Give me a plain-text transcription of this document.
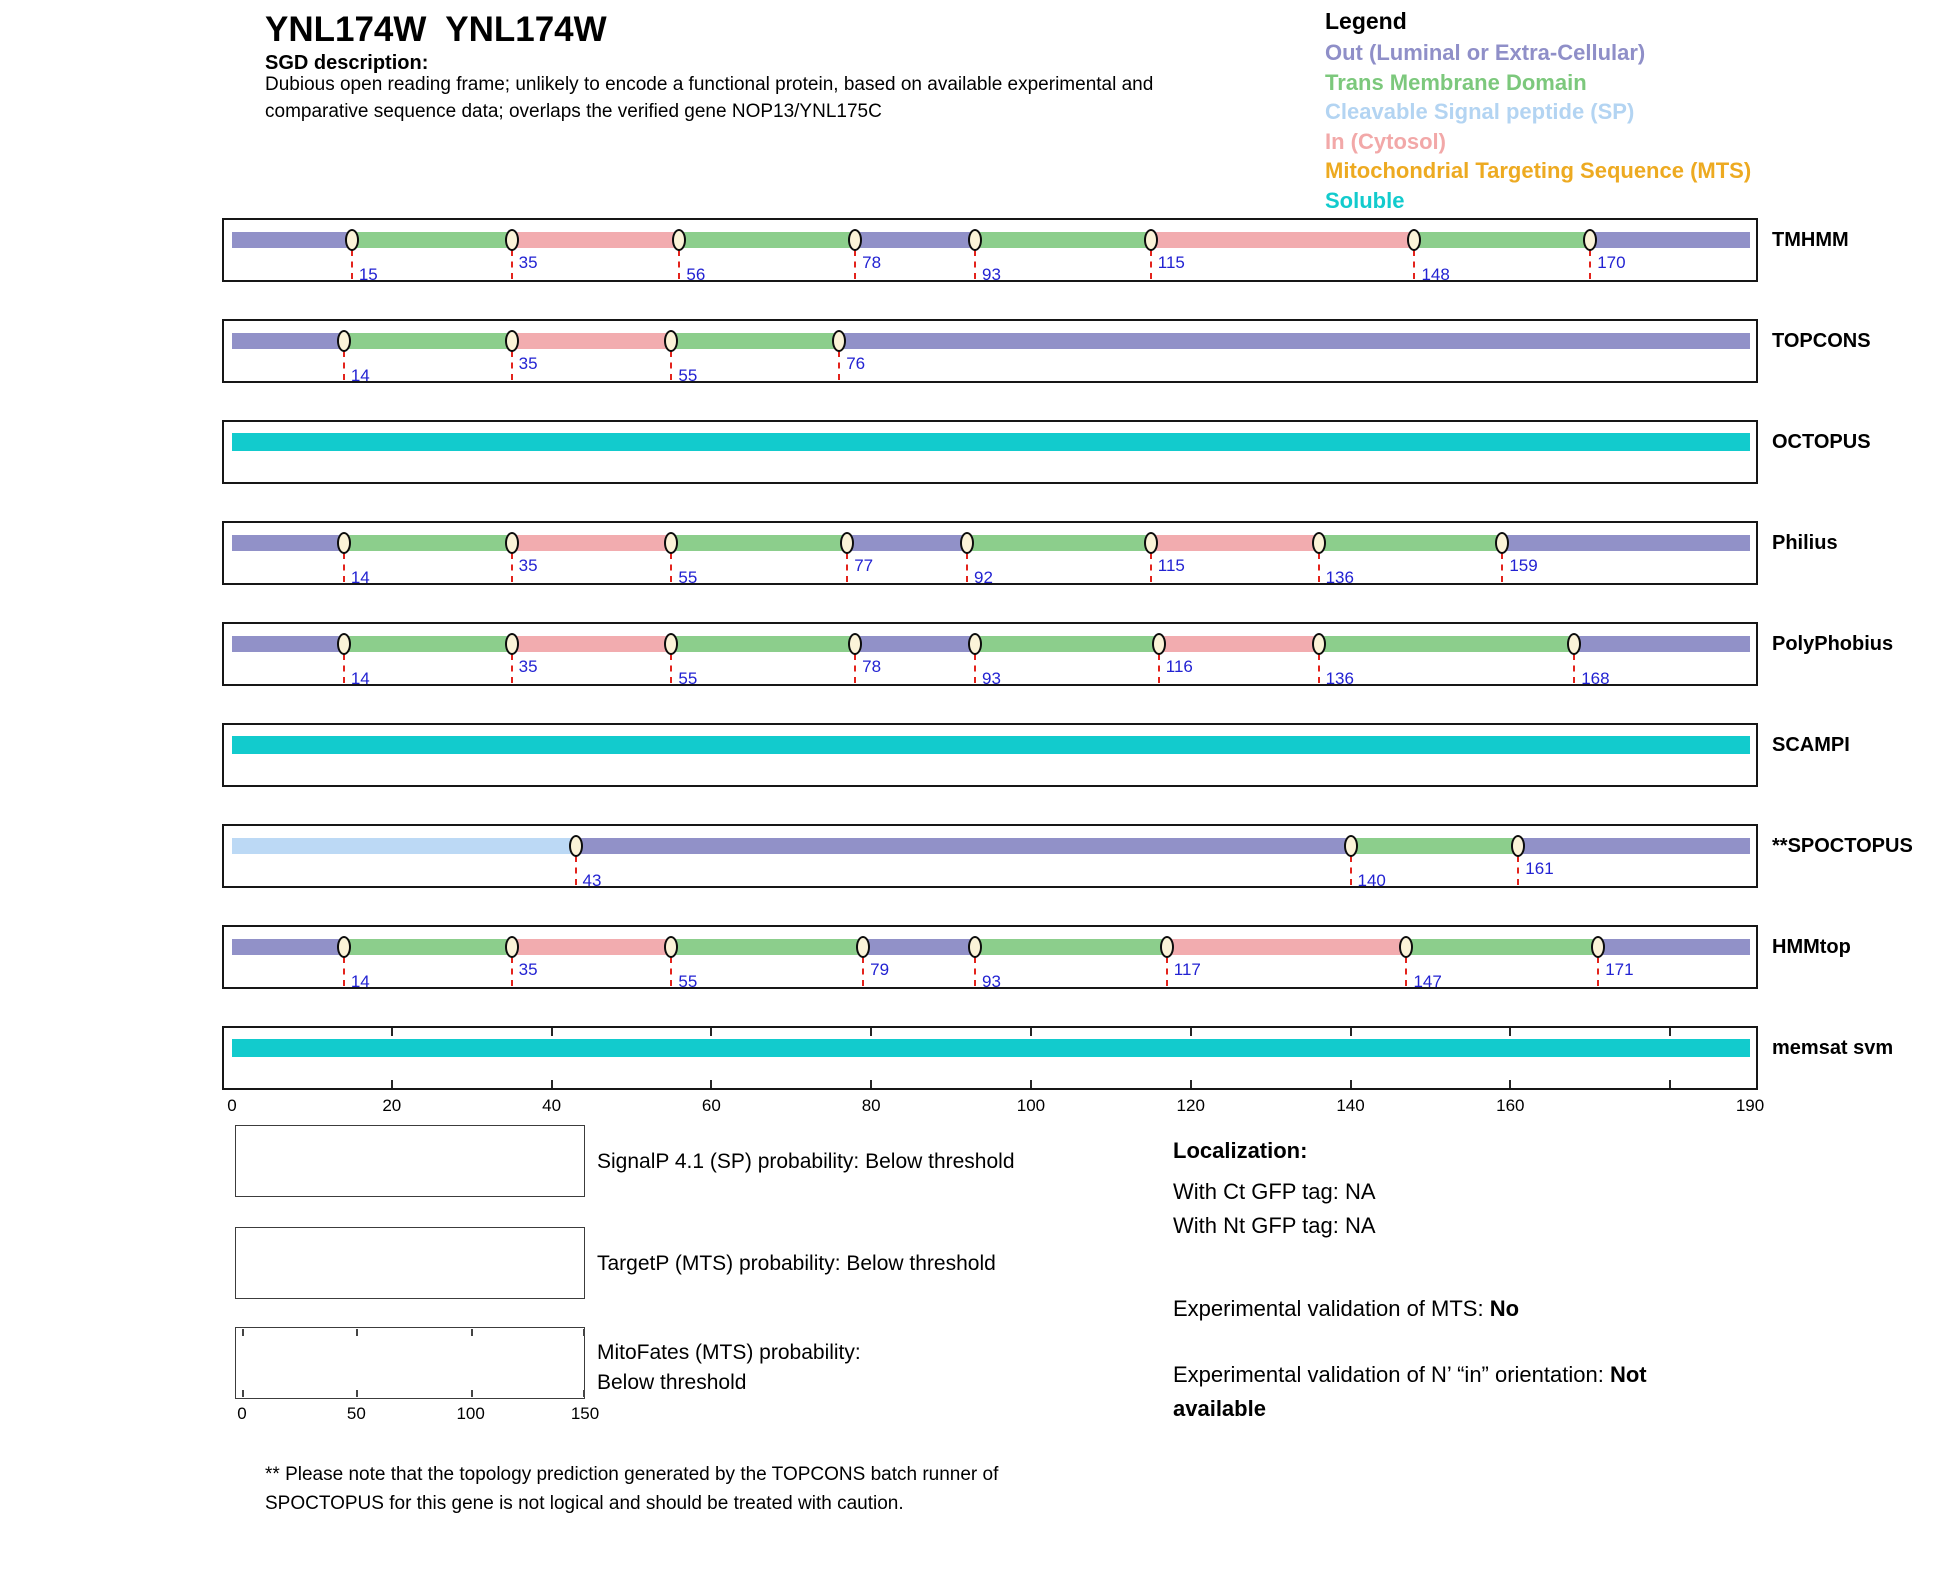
YNL174W  YNL174W
SGD description:
Dubious open reading frame; unlikely to encode a functional protein, based on available experimental and
comparative sequence data; overlaps the verified gene NOP13/YNL175C
Legend
Out (Luminal or Extra-Cellular)
Trans Membrane Domain
Cleavable Signal peptide (SP)
In (Cytosol)
Mitochondrial Targeting Sequence (MTS)
Soluble
15
35
56
78
93
115
148
170
TMHMM
14
35
55
76
TOPCONS
OCTOPUS
14
35
55
77
92
115
136
159
Philius
14
35
55
78
93
116
136	168
PolyPhobius
SCAMPI
43	140
161
**SPOCTOPUS
14
35
55
79
93
117
147
171
HMMtop
memsat svm
0	20	40	60	80	100	120	140	160	190
SignalP 4.1 (SP) probability: Below threshold
TargetP (MTS) probability: Below threshold
MitoFates (MTS) probability: Below threshold
0	50	100	150
Localization:
With Ct GFP tag: NA
With Nt GFP tag: NA
Experimental validation of MTS: No
Experimental validation of N’ “in” orientation: Not available
** Please note that the topology prediction generated by the TOPCONS batch runner of
SPOCTOPUS for this gene is not logical and should be treated with caution.
